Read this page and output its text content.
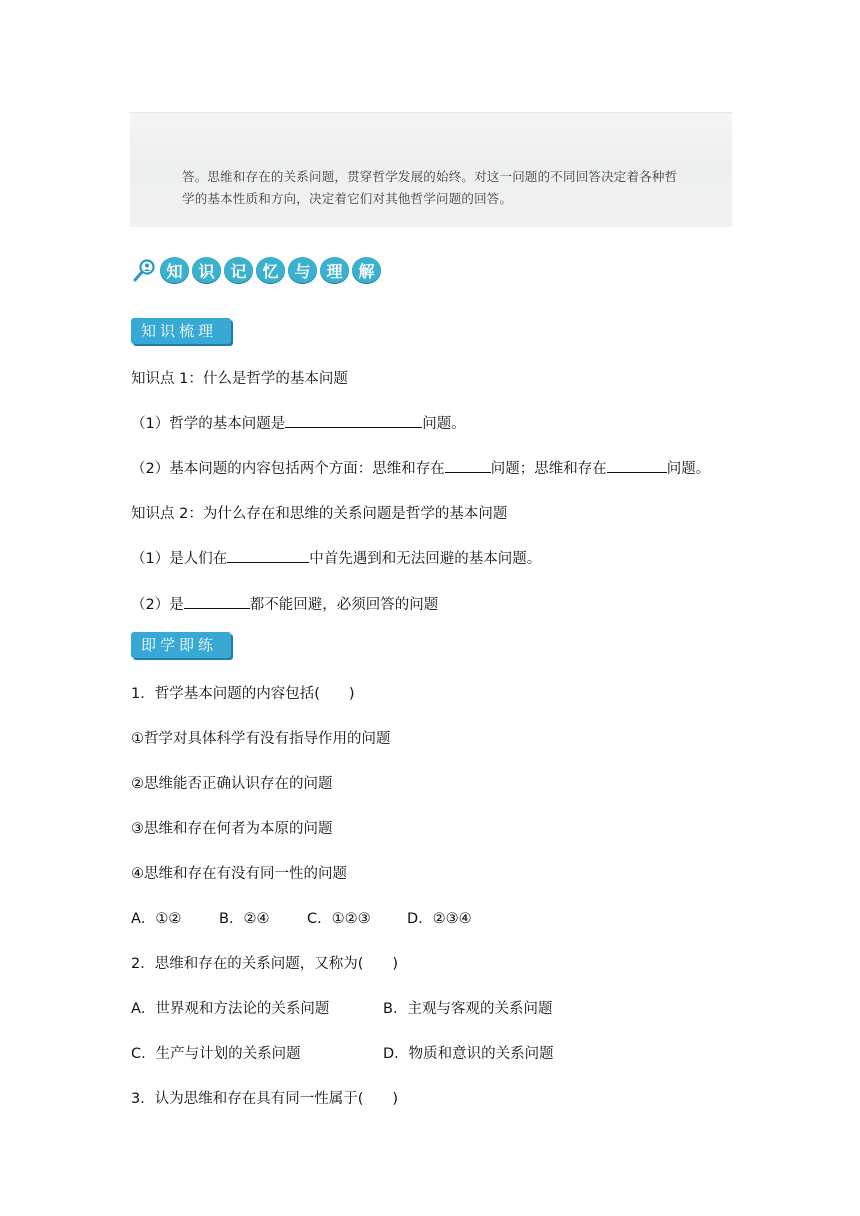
答。思维和存在的关系问题，贯穿哲学发展的始终。对这一问题的不同回答决定着各种哲

学的基本性质和方向，决定着它们对其他哲学问题的回答。

知 识 记 忆 与 理 解
知识梳理

知识点 1：什么是哲学的基本问题

（1）哲学的基本问题是	问题。

（2）基本问题的内容包括两个方面：思维和存在	问题；思维和存在	问题。

知识点 2：为什么存在和思维的关系问题是哲学的基本问题

（1）是人们在	中首先遇到和无法回避的基本问题。

（2）是	都不能回避，必须回答的问题

即学即练

1．哲学基本问题的内容包括(　　)

①哲学对具体科学有没有指导作用的问题

②思维能否正确认识存在的问题

③思维和存在何者为本原的问题

④思维和存在有没有同一性的问题

A．①②	B．②④	C．①②③	D．②③④

2．思维和存在的关系问题，又称为(　　)

A．世界观和方法论的关系问题	B．主观与客观的关系问题

C．生产与计划的关系问题	D．物质和意识的关系问题

3．认为思维和存在具有同一性属于(　　)
